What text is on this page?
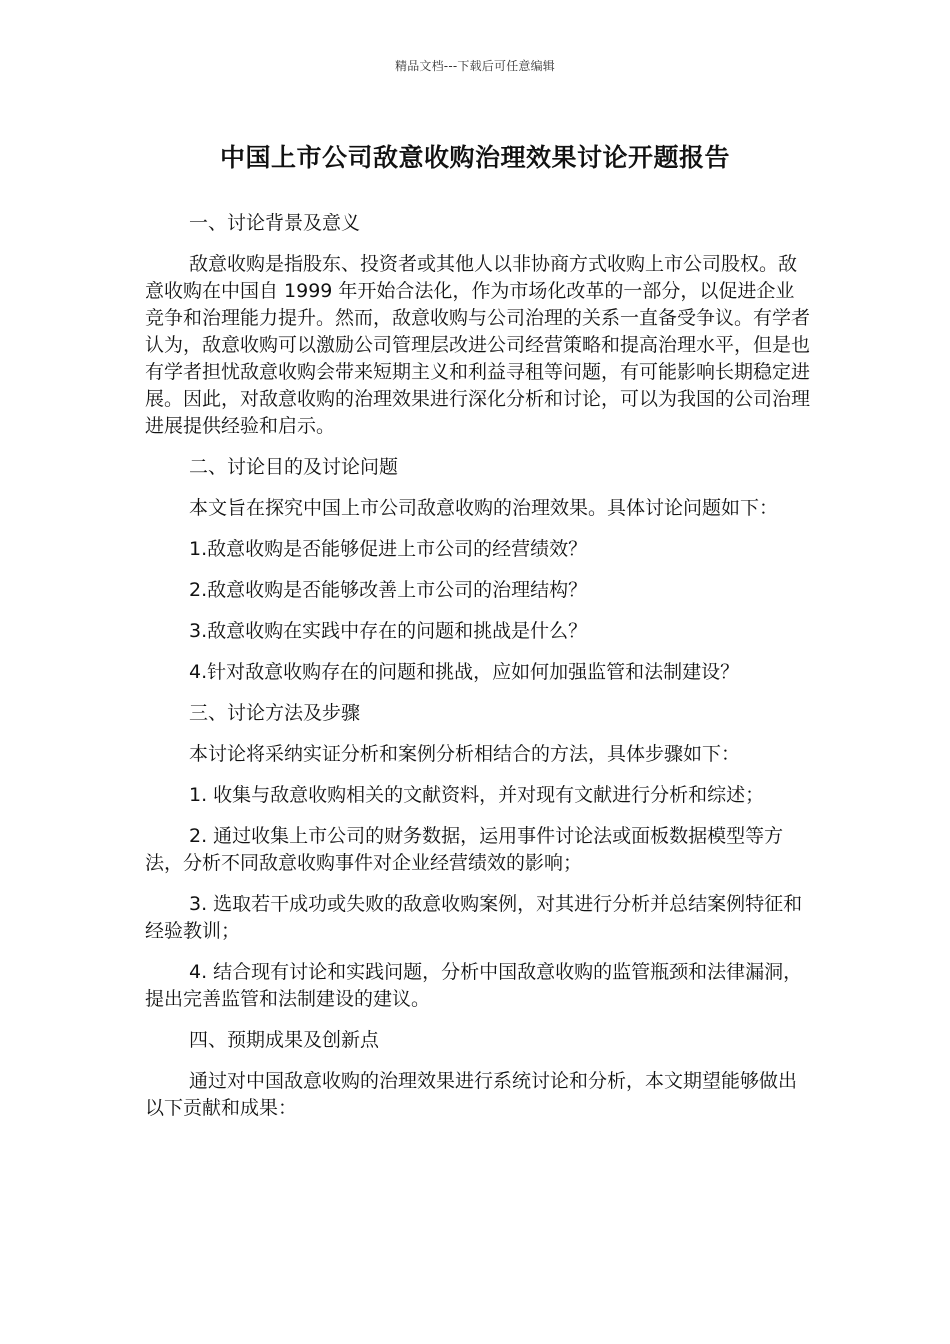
精品文档---下载后可任意编辑
中国上市公司敌意收购治理效果讨论开题报告

一、讨论背景及意义

敌意收购是指股东、投资者或其他人以非协商方式收购上市公司股权。敌意收购在中国自 1999 年开始合法化，作为市场化改革的一部分，以促进企业竞争和治理能力提升。然而，敌意收购与公司治理的关系一直备受争议。有学者认为，敌意收购可以激励公司管理层改进公司经营策略和提高治理水平，但是也有学者担忧敌意收购会带来短期主义和利益寻租等问题，有可能影响长期稳定进展。因此，对敌意收购的治理效果进行深化分析和讨论，可以为我国的公司治理进展提供经验和启示。

二、讨论目的及讨论问题

本文旨在探究中国上市公司敌意收购的治理效果。具体讨论问题如下：

1.敌意收购是否能够促进上市公司的经营绩效？

2.敌意收购是否能够改善上市公司的治理结构？

3.敌意收购在实践中存在的问题和挑战是什么？

4.针对敌意收购存在的问题和挑战，应如何加强监管和法制建设？

三、讨论方法及步骤

本讨论将采纳实证分析和案例分析相结合的方法，具体步骤如下：

1. 收集与敌意收购相关的文献资料，并对现有文献进行分析和综述；

2. 通过收集上市公司的财务数据，运用事件讨论法或面板数据模型等方法，分析不同敌意收购事件对企业经营绩效的影响；

3. 选取若干成功或失败的敌意收购案例，对其进行分析并总结案例特征和经验教训；

4. 结合现有讨论和实践问题，分析中国敌意收购的监管瓶颈和法律漏洞，提出完善监管和法制建设的建议。

四、预期成果及创新点

通过对中国敌意收购的治理效果进行系统讨论和分析，本文期望能够做出以下贡献和成果：
